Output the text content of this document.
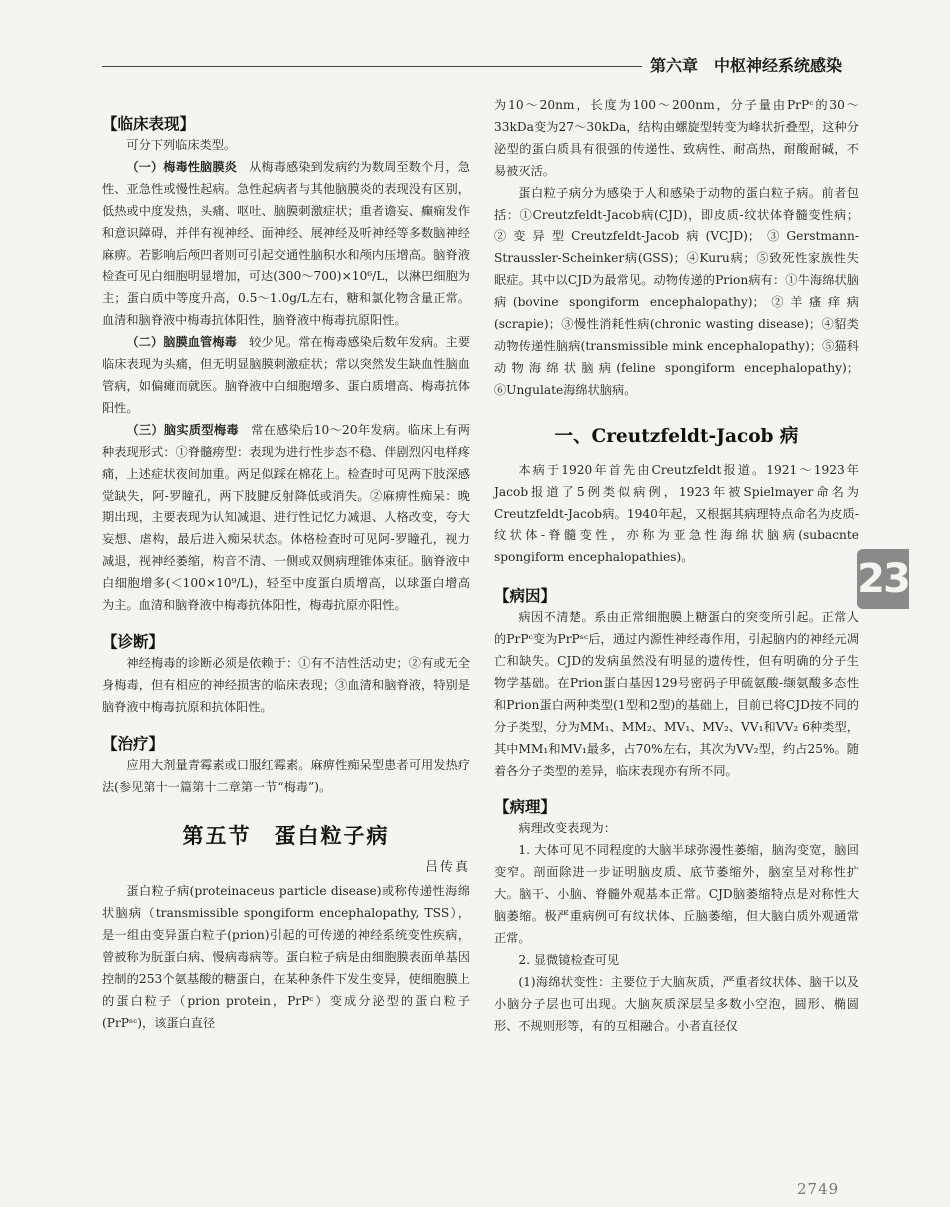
第六章　中枢神经系统感染
【临床表现】

可分下列临床类型。

（一）梅毒性脑膜炎　从梅毒感染到发病约为数周至数个月，急性、亚急性或慢性起病。急性起病者与其他脑膜炎的表现没有区别，低热或中度发热，头痛、呕吐、脑膜刺激症状；重者谵妄、癫痫发作和意识障碍，并伴有视神经、面神经、展神经及听神经等多数脑神经麻痹。若影响后颅凹者则可引起交通性脑积水和颅内压增高。脑脊液检查可见白细胞明显增加，可达(300～700)×10⁶/L，以淋巴细胞为主；蛋白质中等度升高，0.5～1.0g/L左右，糖和氯化物含量正常。血清和脑脊液中梅毒抗体阳性，脑脊液中梅毒抗原阳性。

（二）脑膜血管梅毒　较少见。常在梅毒感染后数年发病。主要临床表现为头痛，但无明显脑膜刺激症状；常以突然发生缺血性脑血管病，如偏瘫而就医。脑脊液中白细胞增多、蛋白质增高、梅毒抗体阳性。

（三）脑实质型梅毒　常在感染后10～20年发病。临床上有两种表现形式：①脊髓痨型：表现为进行性步态不稳、伴剧烈闪电样疼痛，上述症状夜间加重。两足似踩在棉花上。检查时可见两下肢深感觉缺失，阿-罗瞳孔，两下肢腱反射降低或消失。②麻痹性痴呆：晚期出现，主要表现为认知减退、进行性记忆力减退、人格改变，夸大妄想、虐构，最后进入痴呆状态。体格检查时可见阿-罗瞳孔，视力减退，视神经萎缩，构音不清、一侧或双侧病理锥体束征。脑脊液中白细胞增多(＜100×10⁹/L)，轻至中度蛋白质增高，以球蛋白增高为主。血清和脑脊液中梅毒抗体阳性，梅毒抗原亦阳性。

【诊断】

神经梅毒的诊断必须是依赖于：①有不洁性活动史；②有或无全身梅毒，但有相应的神经损害的临床表现；③血清和脑脊液，特别是脑脊液中梅毒抗原和抗体阳性。

【治疗】

应用大剂量青霉素或口服红霉素。麻痹性痴呆型患者可用发热疗法(参见第十一篇第十二章第一节“梅毒”)。

第五节　蛋白粒子病
吕传真

蛋白粒子病(proteinaceus particle disease)或称传递性海绵状脑病（transmissible spongiform encephalopathy, TSS），是一组由变异蛋白粒子(prion)引起的可传递的神经系统变性疾病，曾被称为朊蛋白病、慢病毒病等。蛋白粒子病是由细胞膜表面单基因控制的253个氨基酸的糖蛋白，在某种条件下发生变异，使细胞膜上的蛋白粒子（prion protein，PrPᶜ）变成分泌型的蛋白粒子(PrPˢᶜ)，该蛋白直径

为10～20nm，长度为100～200nm，分子量由PrPᶜ的30～33kDa变为27～30kDa，结构由螺旋型转变为峰状折叠型，这种分泌型的蛋白质具有很强的传递性、致病性、耐高热，耐酸耐碱，不易被灭活。

蛋白粒子病分为感染于人和感染于动物的蛋白粒子病。前者包括：①Creutzfeldt-Jacob病(CJD)，即皮质-纹状体脊髓变性病；②变异型Creutzfeldt-Jacob病(VCJD)；③Gerstmann-Straussler-Scheinker病(GSS)；④Kuru病；⑤致死性家族性失眠症。其中以CJD为最常见。动物传递的Prion病有：①牛海绵状脑病(bovine spongiform encephalopathy)；②羊瘙痒病(scrapie)；③慢性消耗性病(chronic wasting disease)；④貂类动物传递性脑病(transmissible mink encephalopathy)；⑤猫科动物海绵状脑病(feline spongiform encephalopathy)；⑥Ungulate海绵状脑病。

一、Creutzfeldt-Jacob 病

本病于1920年首先由Creutzfeldt报道。1921～1923年Jacob报道了5例类似病例，1923年被Spielmayer命名为Creutzfeldt-Jacob病。1940年起，又根据其病理特点命名为皮质-纹状体-脊髓变性，亦称为亚急性海绵状脑病(subacnte spongiform encephalopathies)。

【病因】

病因不清楚。系由正常细胞膜上糖蛋白的突变所引起。正常人的PrPᶜ变为PrPˢᶜ后，通过内源性神经毒作用，引起脑内的神经元凋亡和缺失。CJD的发病虽然没有明显的遗传性，但有明确的分子生物学基础。在Prion蛋白基因129号密码子甲硫氨酸-缬氨酸多态性和Prion蛋白两种类型(1型和2型)的基础上，目前已将CJD按不同的分子类型，分为MM₁、MM₂、MV₁、MV₂、VV₁和VV₂ 6种类型，其中MM₁和MV₁最多，占70%左右，其次为VV₂型，约占25%。随着各分子类型的差异，临床表现亦有所不同。

【病理】

病理改变表现为：

1. 大体可见不同程度的大脑半球弥漫性萎缩，脑沟变宽，脑回变窄。剖面除进一步证明脑皮质、底节萎缩外，脑室呈对称性扩大。脑干、小脑、脊髓外观基本正常。CJD脑萎缩特点是对称性大脑萎缩。极严重病例可有纹状体、丘脑萎缩，但大脑白质外观通常正常。

2. 显微镜检查可见

(1)海绵状变性：主要位于大脑灰质，严重者纹状体、脑干以及小脑分子层也可出现。大脑灰质深层呈多数小空泡，圆形、椭圆形、不规则形等，有的互相融合。小者直径仅

23
2749
